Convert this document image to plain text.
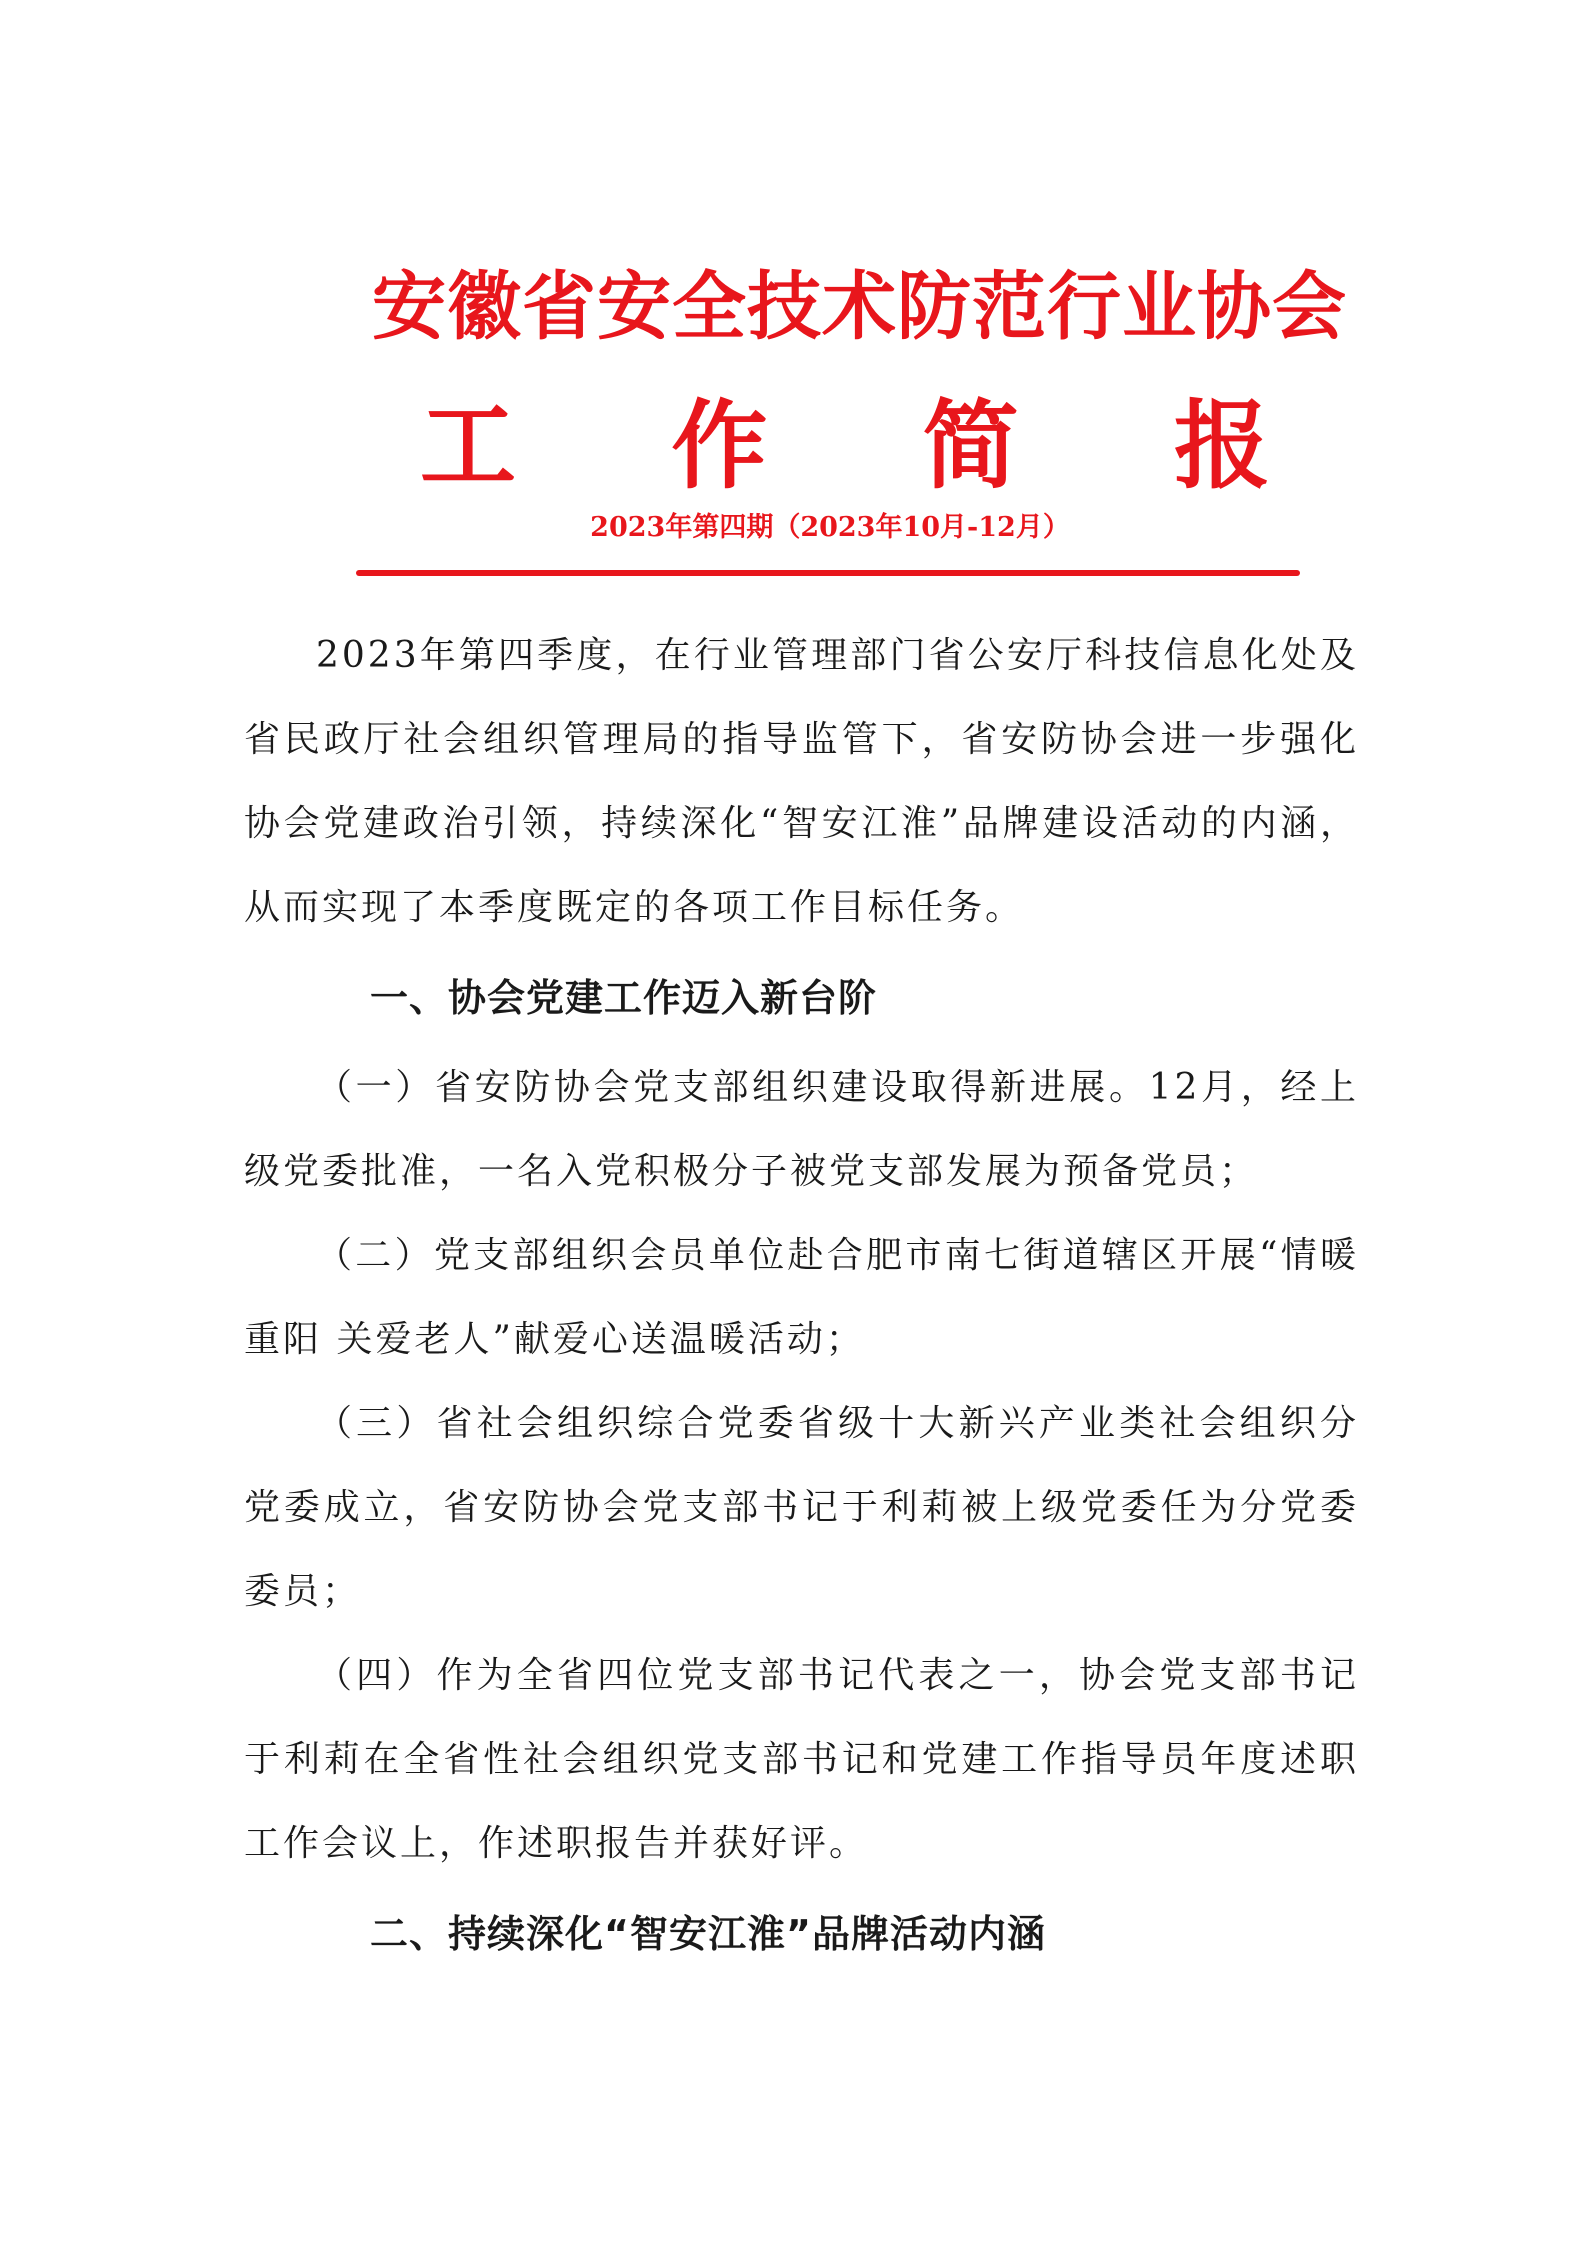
安徽省安全技术防范行业协会
工 作 简 报
2023年第四期（2023年10月-12月）

2023年第四季度，在行业管理部门省公安厅科技信息化处及省民政厅社会组织管理局的指导监管下，省安防协会进一步强化协会党建政治引领，持续深化“智安江淮”品牌建设活动的内涵，从而实现了本季度既定的各项工作目标任务。

一、协会党建工作迈入新台阶

（一）省安防协会党支部组织建设取得新进展。12月，经上级党委批准，一名入党积极分子被党支部发展为预备党员；

（二）党支部组织会员单位赴合肥市南七街道辖区开展“情暖重阳 关爱老人”献爱心送温暖活动；

（三）省社会组织综合党委省级十大新兴产业类社会组织分党委成立，省安防协会党支部书记于利莉被上级党委任为分党委委员；

（四）作为全省四位党支部书记代表之一，协会党支部书记于利莉在全省性社会组织党支部书记和党建工作指导员年度述职工作会议上，作述职报告并获好评。

二、持续深化“智安江淮”品牌活动内涵
